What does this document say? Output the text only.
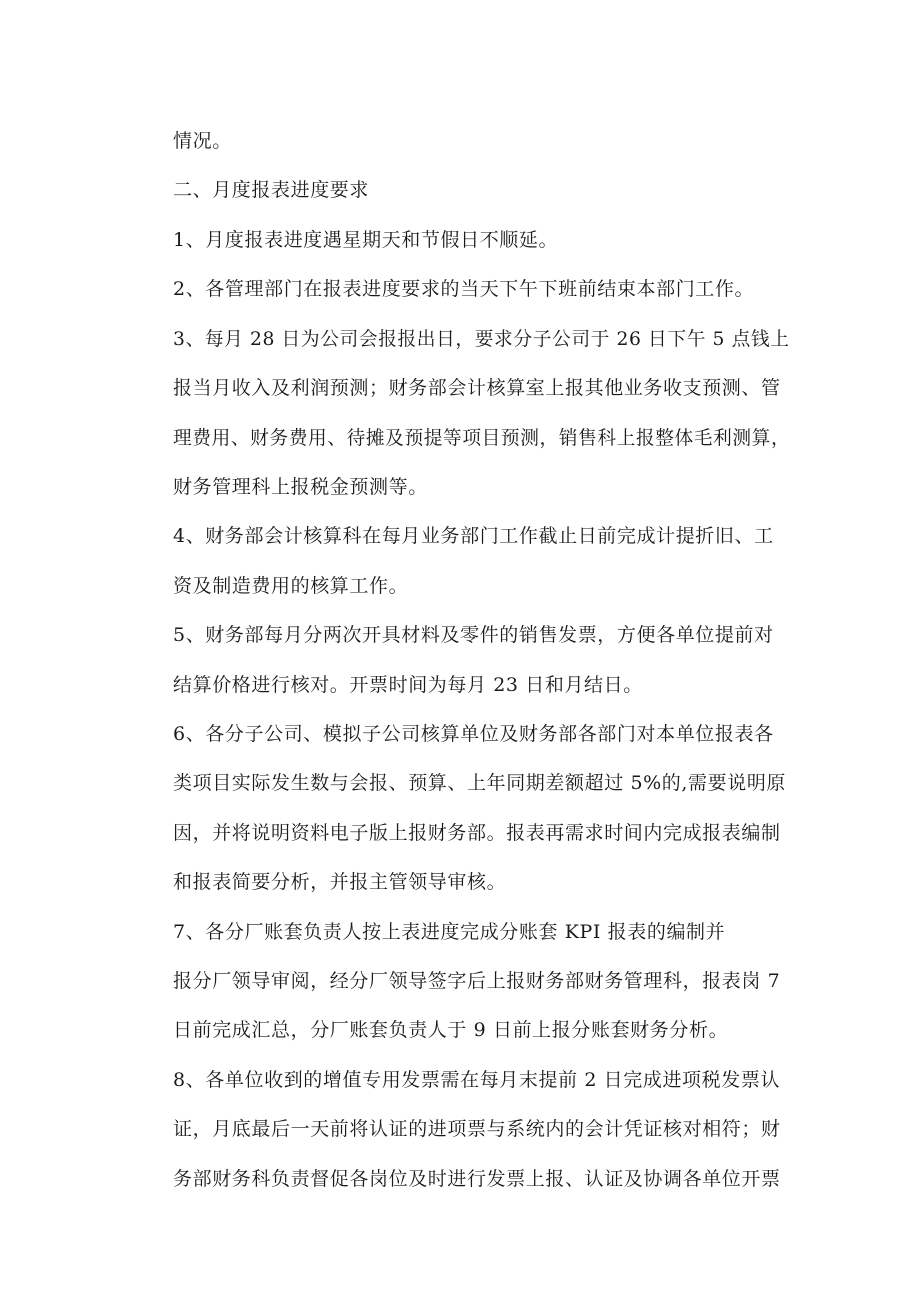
情况。
二、月度报表进度要求
1、月度报表进度遇星期天和节假日不顺延。
2、各管理部门在报表进度要求的当天下午下班前结束本部门工作。
3、每月 28 日为公司会报报出日，要求分子公司于 26 日下午 5 点钱上
报当月收入及利润预测；财务部会计核算室上报其他业务收支预测、管
理费用、财务费用、待摊及预提等项目预测，销售科上报整体毛利测算，
财务管理科上报税金预测等。
4、财务部会计核算科在每月业务部门工作截止日前完成计提折旧、工
资及制造费用的核算工作。
5、财务部每月分两次开具材料及零件的销售发票，方便各单位提前对
结算价格进行核对。开票时间为每月 23 日和月结日。
6、各分子公司、模拟子公司核算单位及财务部各部门对本单位报表各
类项目实际发生数与会报、预算、上年同期差额超过 5%的,需要说明原
因，并将说明资料电子版上报财务部。报表再需求时间内完成报表编制
和报表简要分析，并报主管领导审核。
7、各分厂账套负责人按上表进度完成分账套 KPI 报表的编制并
报分厂领导审阅，经分厂领导签字后上报财务部财务管理科，报表岗 7
日前完成汇总，分厂账套负责人于 9 日前上报分账套财务分析。
8、各单位收到的增值专用发票需在每月末提前 2 日完成进项税发票认
证，月底最后一天前将认证的进项票与系统内的会计凭证核对相符；财
务部财务科负责督促各岗位及时进行发票上报、认证及协调各单位开票
